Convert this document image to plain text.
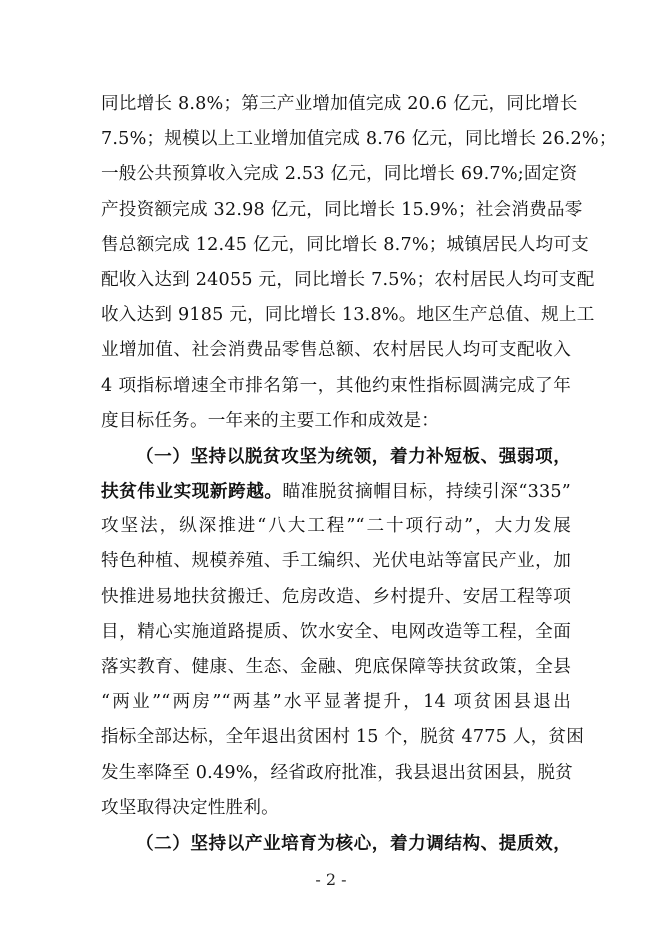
同比增长 8.8%；第三产业增加值完成 20.6 亿元，同比增长
7.5%；规模以上工业增加值完成 8.76 亿元，同比增长 26.2%；
一般公共预算收入完成 2.53 亿元，同比增长 69.7%;固定资
产投资额完成 32.98 亿元，同比增长 15.9%；社会消费品零
售总额完成 12.45 亿元，同比增长 8.7%；城镇居民人均可支
配收入达到 24055 元，同比增长 7.5%；农村居民人均可支配
收入达到 9185 元，同比增长 13.8%。地区生产总值、规上工
业增加值、社会消费品零售总额、农村居民人均可支配收入
4 项指标增速全市排名第一，其他约束性指标圆满完成了年
度目标任务。一年来的主要工作和成效是：
（一）坚持以脱贫攻坚为统领，着力补短板、强弱项，
扶贫伟业实现新跨越。瞄准脱贫摘帽目标，持续引深“335”
攻坚法，纵深推进“八大工程”“二十项行动”，大力发展
特色种植、规模养殖、手工编织、光伏电站等富民产业，加
快推进易地扶贫搬迁、危房改造、乡村提升、安居工程等项
目，精心实施道路提质、饮水安全、电网改造等工程，全面
落实教育、健康、生态、金融、兜底保障等扶贫政策，全县
“两业”“两房”“两基”水平显著提升，14 项贫困县退出
指标全部达标，全年退出贫困村 15 个，脱贫 4775 人，贫困
发生率降至 0.49%，经省政府批准，我县退出贫困县，脱贫
攻坚取得决定性胜利。
（二）坚持以产业培育为核心，着力调结构、提质效，
- 2 -
